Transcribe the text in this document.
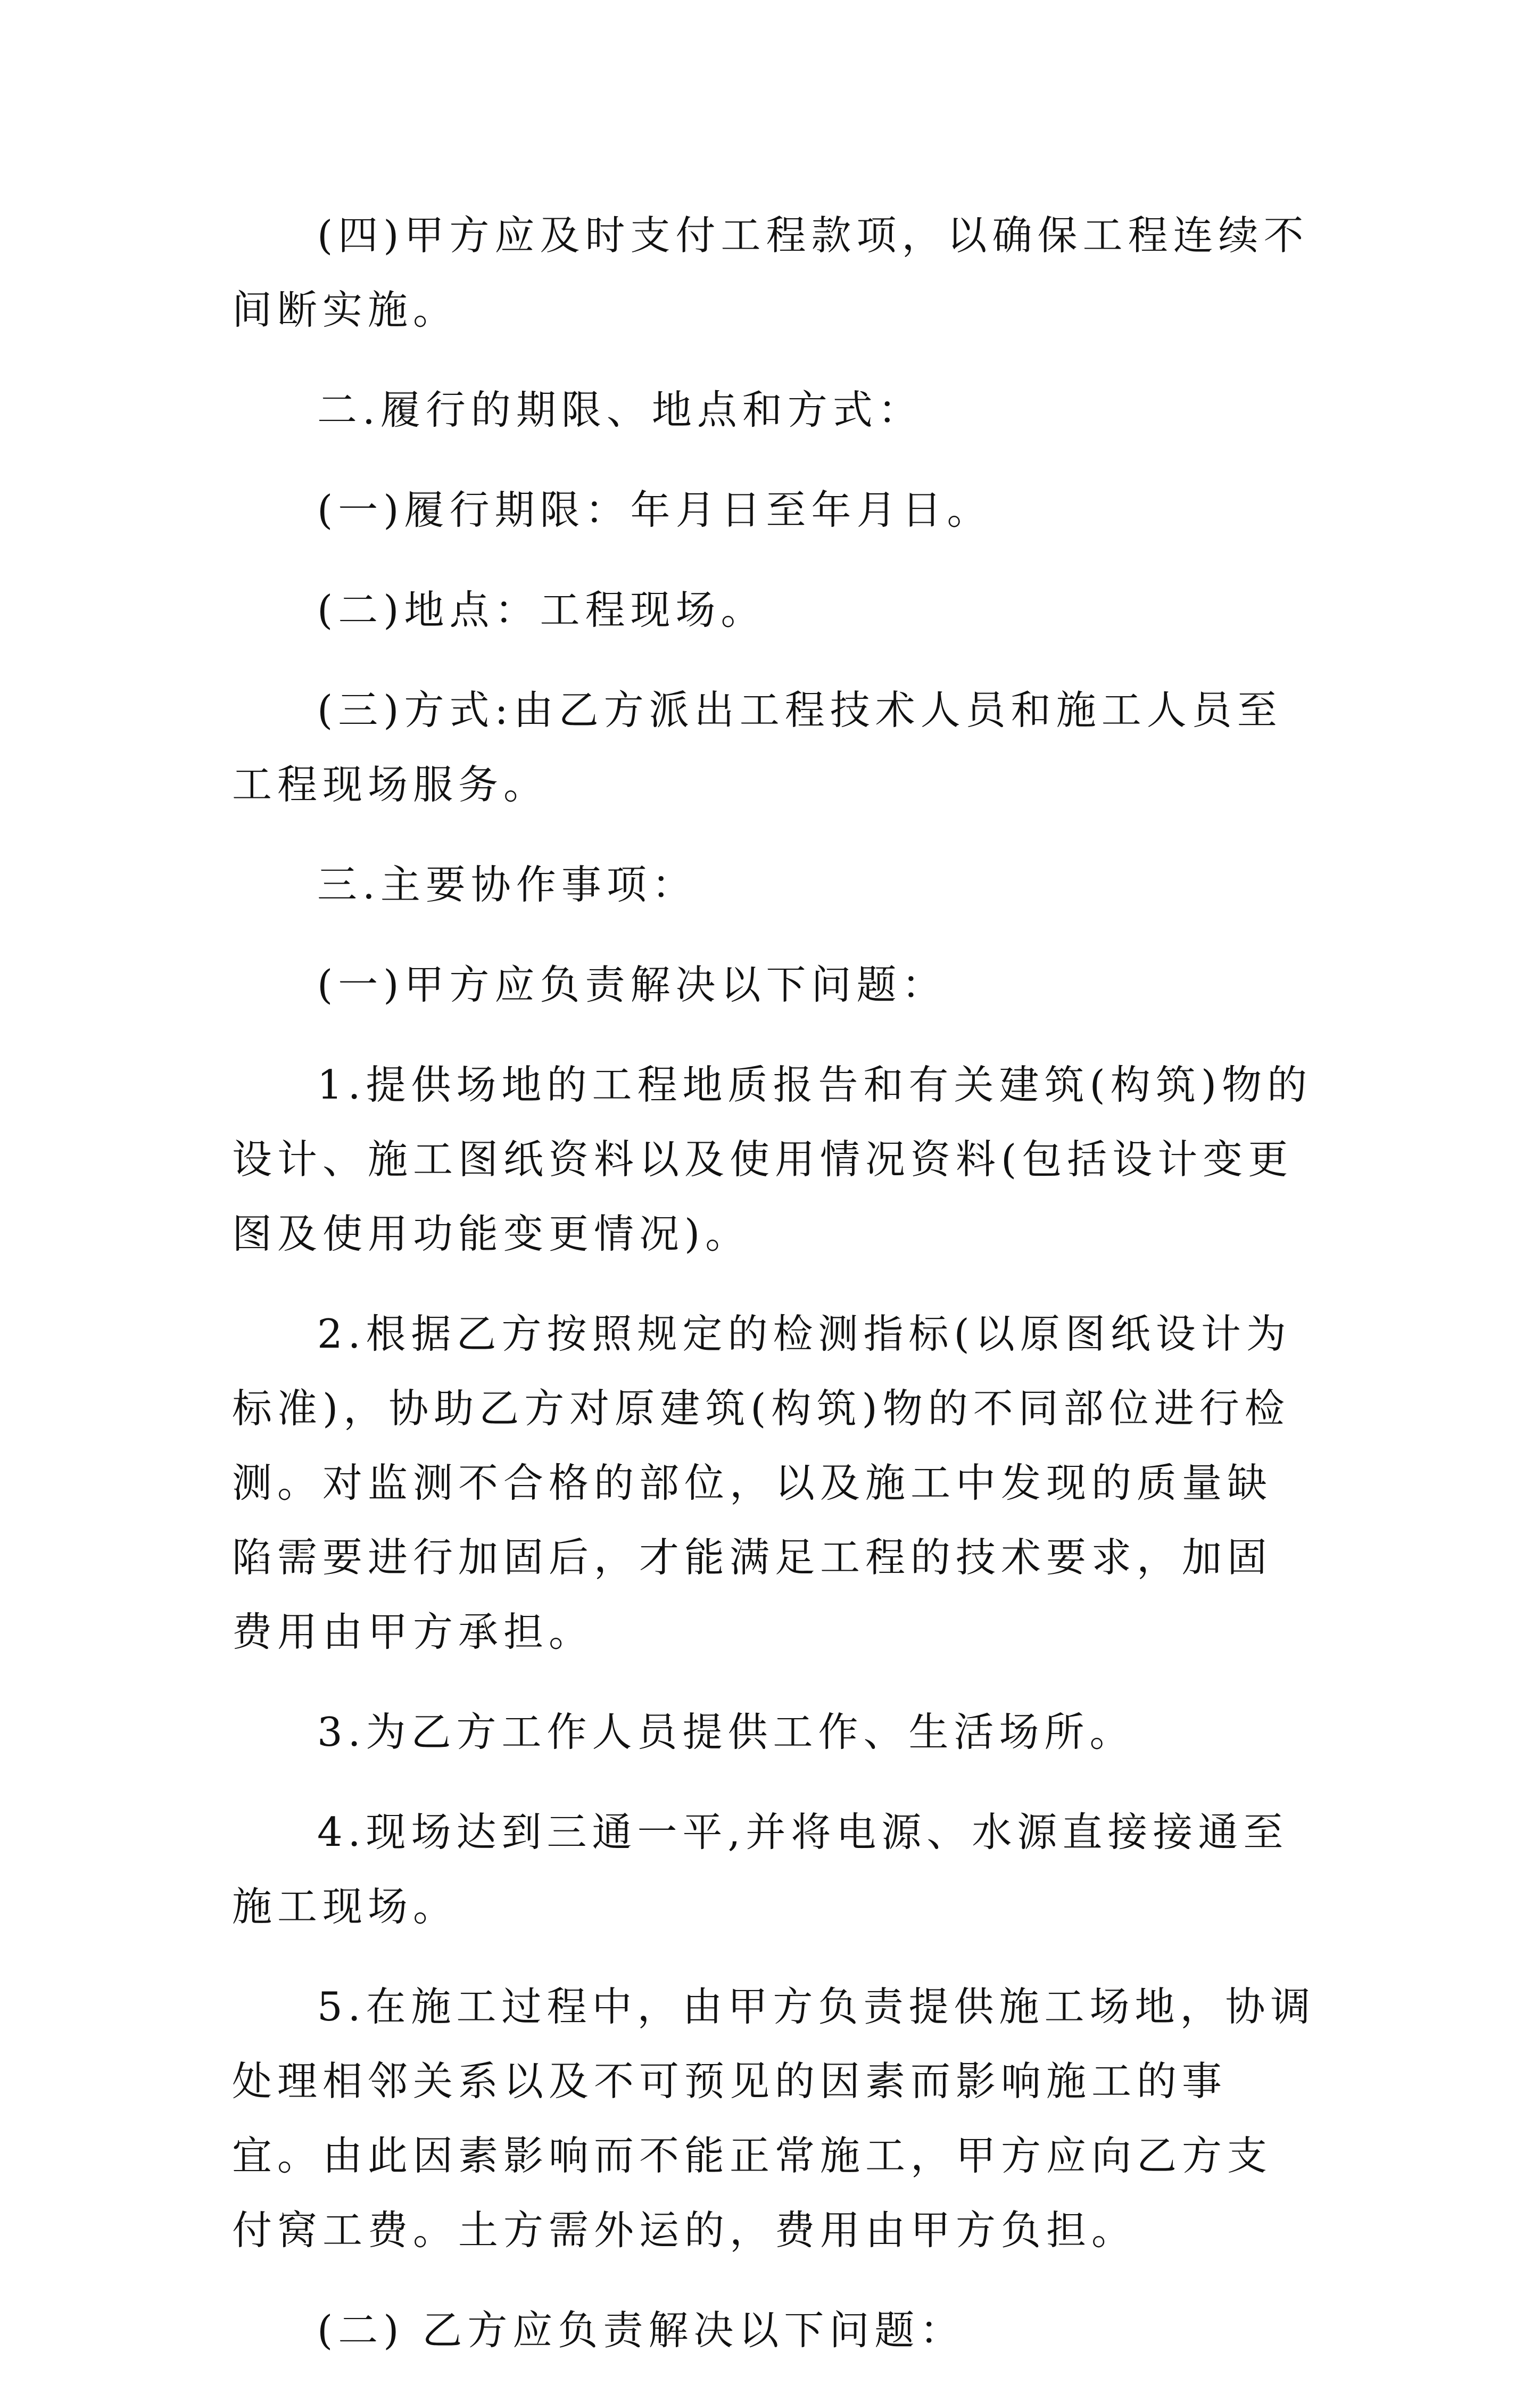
(四)甲方应及时支付工程款项，以确保工程连续不间断实施。

二.履行的期限、地点和方式：

(一)履行期限：年月日至年月日。

(二)地点：工程现场。

(三)方式:由乙方派出工程技术人员和施工人员至工程现场服务。

三.主要协作事项：

(一)甲方应负责解决以下问题：

1.提供场地的工程地质报告和有关建筑(构筑)物的设计、施工图纸资料以及使用情况资料(包括设计变更图及使用功能变更情况)。

2.根据乙方按照规定的检测指标(以原图纸设计为标准)，协助乙方对原建筑(构筑)物的不同部位进行检测。对监测不合格的部位，以及施工中发现的质量缺陷需要进行加固后，才能满足工程的技术要求，加固费用由甲方承担。

3.为乙方工作人员提供工作、生活场所。

4.现场达到三通一平,并将电源、水源直接接通至施工现场。

5.在施工过程中，由甲方负责提供施工场地，协调处理相邻关系以及不可预见的因素而影响施工的事宜。由此因素影响而不能正常施工，甲方应向乙方支付窝工费。土方需外运的，费用由甲方负担。

(二) 乙方应负责解决以下问题：
